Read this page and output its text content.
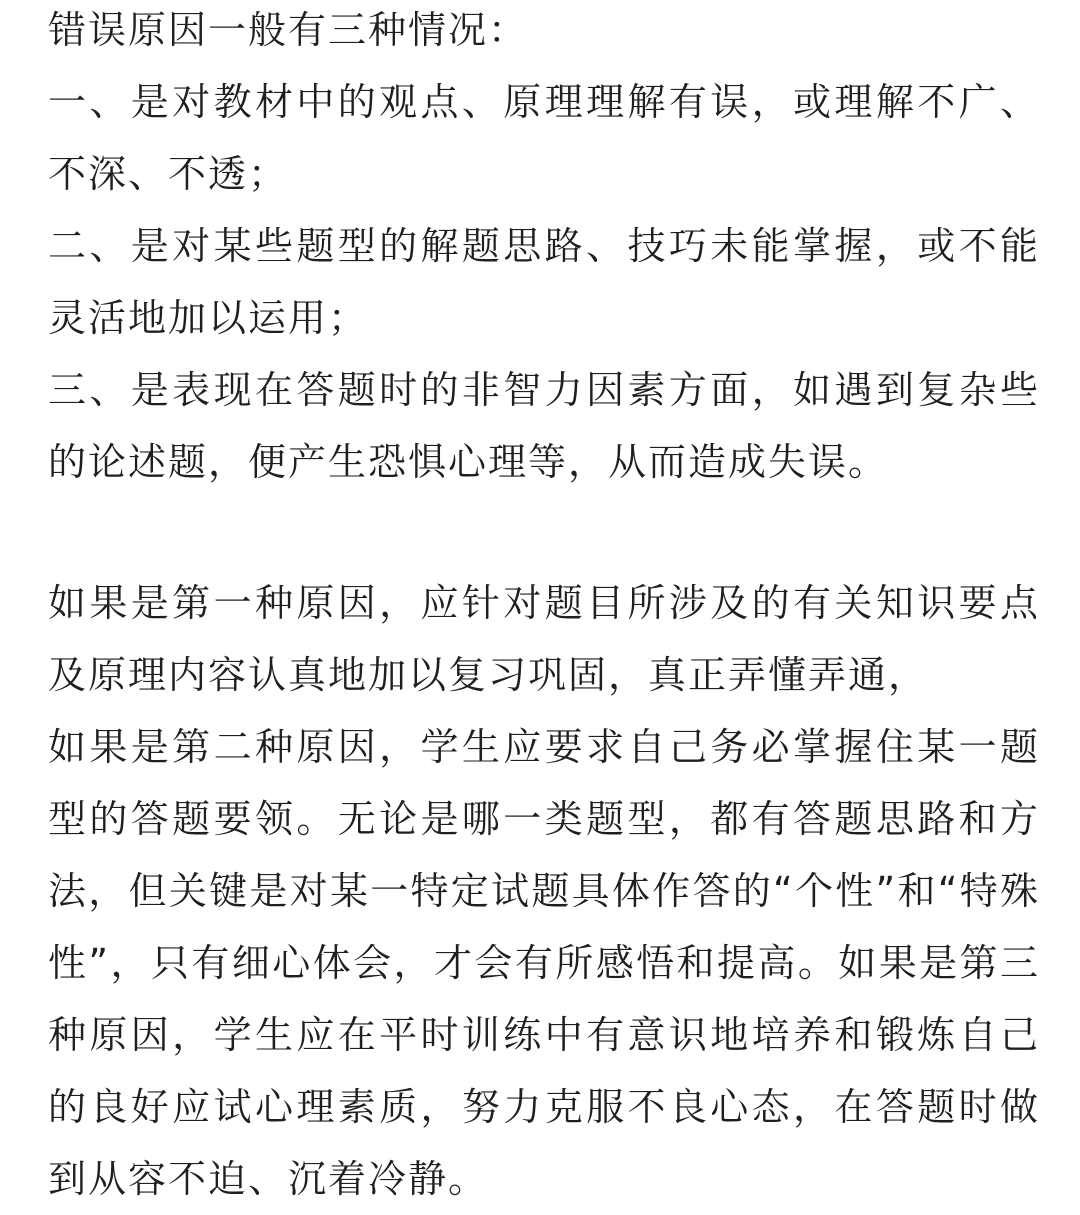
错误原因一般有三种情况：

一、是对教材中的观点、原理理解有误，或理解不广、不深、不透；

二、是对某些题型的解题思路、技巧未能掌握，或不能灵活地加以运用；

三、是表现在答题时的非智力因素方面，如遇到复杂些的论述题，便产生恐惧心理等，从而造成失误。

如果是第一种原因，应针对题目所涉及的有关知识要点及原理内容认真地加以复习巩固，真正弄懂弄通，

如果是第二种原因，学生应要求自己务必掌握住某一题型的答题要领。无论是哪一类题型，都有答题思路和方法，但关键是对某一特定试题具体作答的“个性”和“特殊性”，只有细心体会，才会有所感悟和提高。如果是第三种原因，学生应在平时训练中有意识地培养和锻炼自己的良好应试心理素质，努力克服不良心态，在答题时做到从容不迫、沉着冷静。
